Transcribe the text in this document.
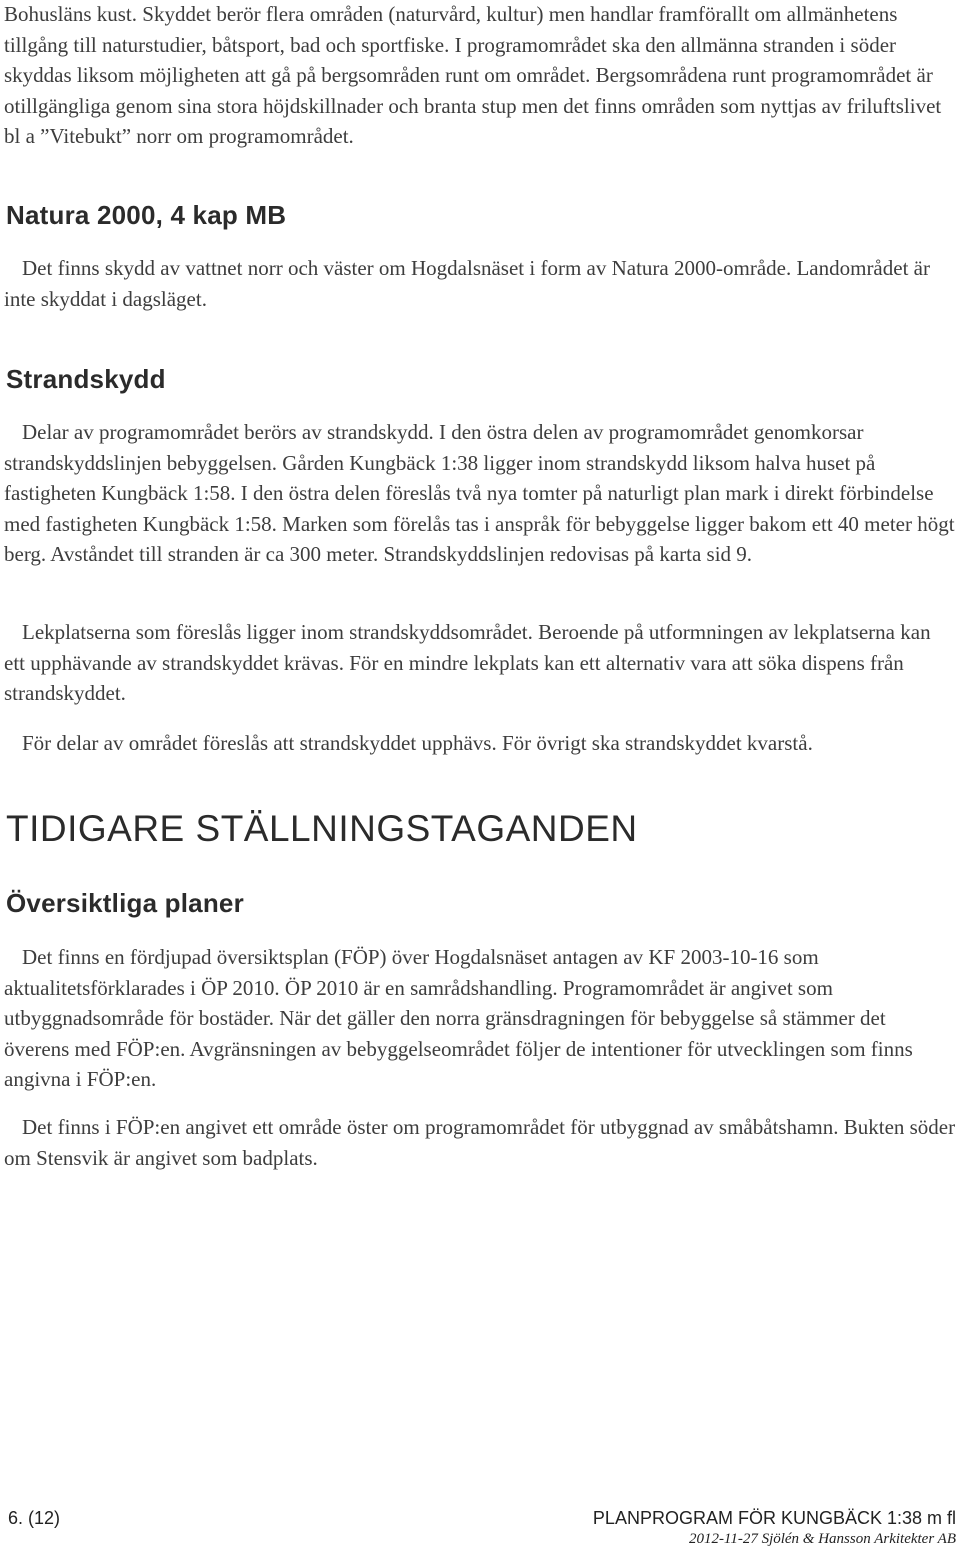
Bohusläns kust. Skyddet berör flera områden (naturvård, kultur) men handlar framförallt om allmänhetens tillgång till naturstudier, båtsport, bad och sportfiske. I programområdet ska den allmänna stranden i söder skyddas liksom möjligheten att gå på bergsområden runt om området. Bergsområdena runt programområdet är otillgängliga genom sina stora höjdskillnader och branta stup men det finns områden som nyttjas av friluftslivet bl a ”Vitebukt” norr om programområdet.

Natura 2000, 4 kap MB

Det finns skydd av vattnet norr och väster om Hogdalsnäset i form av Natura 2000-område. Landområdet är inte skyddat i dagsläget.

Strandskydd

Delar av programområdet berörs av strandskydd. I den östra delen av programområdet genomkorsar strandskyddslinjen bebyggelsen. Gården Kungbäck 1:38 ligger inom strandskydd liksom halva huset på fastigheten Kungbäck 1:58. I den östra delen föreslås två nya tomter på naturligt plan mark i direkt förbindelse med fastigheten Kungbäck 1:58. Marken som förelås tas i anspråk för bebyggelse ligger bakom ett 40 meter högt berg. Avståndet till stranden är ca 300 meter. Strandskyddslinjen redovisas på karta sid 9.

Lekplatserna som föreslås ligger inom strandskyddsområdet. Beroende på utformningen av lekplatserna kan ett upphävande av strandskyddet krävas. För en mindre lekplats kan ett alternativ vara att söka dispens från strandskyddet.

För delar av området föreslås att strandskyddet upphävs. För övrigt ska strandskyddet kvarstå.

TIDIGARE STÄLLNINGSTAGANDEN
Översiktliga planer

Det finns en fördjupad översiktsplan (FÖP) över Hogdalsnäset antagen av KF 2003-10-16 som aktualitetsförklarades i ÖP 2010. ÖP 2010 är en samrådshandling. Programområdet är angivet som utbyggnadsområde för bostäder. När det gäller den norra gränsdragningen för bebyggelse så stämmer det överens med FÖP:en. Avgränsningen av bebyggelseområdet följer de intentioner för utvecklingen som finns angivna i FÖP:en.

Det finns i FÖP:en angivet ett område öster om programområdet för utbyggnad av småbåtshamn. Bukten söder om Stensvik är angivet som badplats.

6. (12)	PLANPROGRAM FÖR KUNGBÄCK 1:38 m fl
2012-11-27 Sjölén & Hansson Arkitekter AB
